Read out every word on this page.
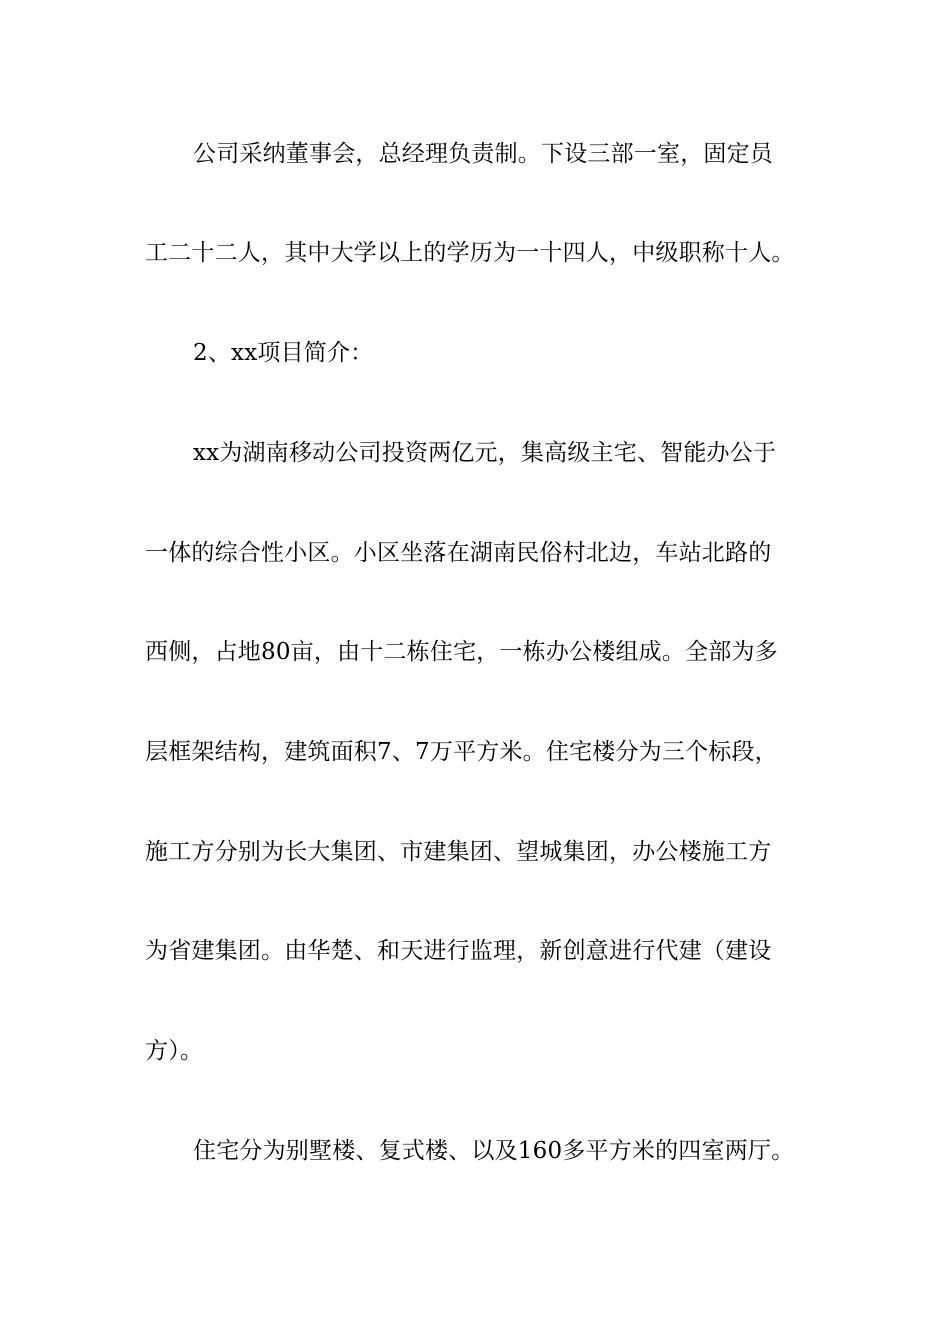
公司采纳董事会，总经理负责制。下设三部一室，固定员
工二十二人，其中大学以上的学历为一十四人，中级职称十人。
2、xx项目简介：
xx为湖南移动公司投资两亿元，集高级主宅、智能办公于
一体的综合性小区。小区坐落在湖南民俗村北边，车站北路的
西侧，占地80亩，由十二栋住宅，一栋办公楼组成。全部为多
层框架结构，建筑面积7、7万平方米。住宅楼分为三个标段，
施工方分别为长大集团、市建集团、望城集团，办公楼施工方
为省建集团。由华楚、和天进行监理，新创意进行代建（建设
方）。
住宅分为别墅楼、复式楼、以及160多平方米的四室两厅。
